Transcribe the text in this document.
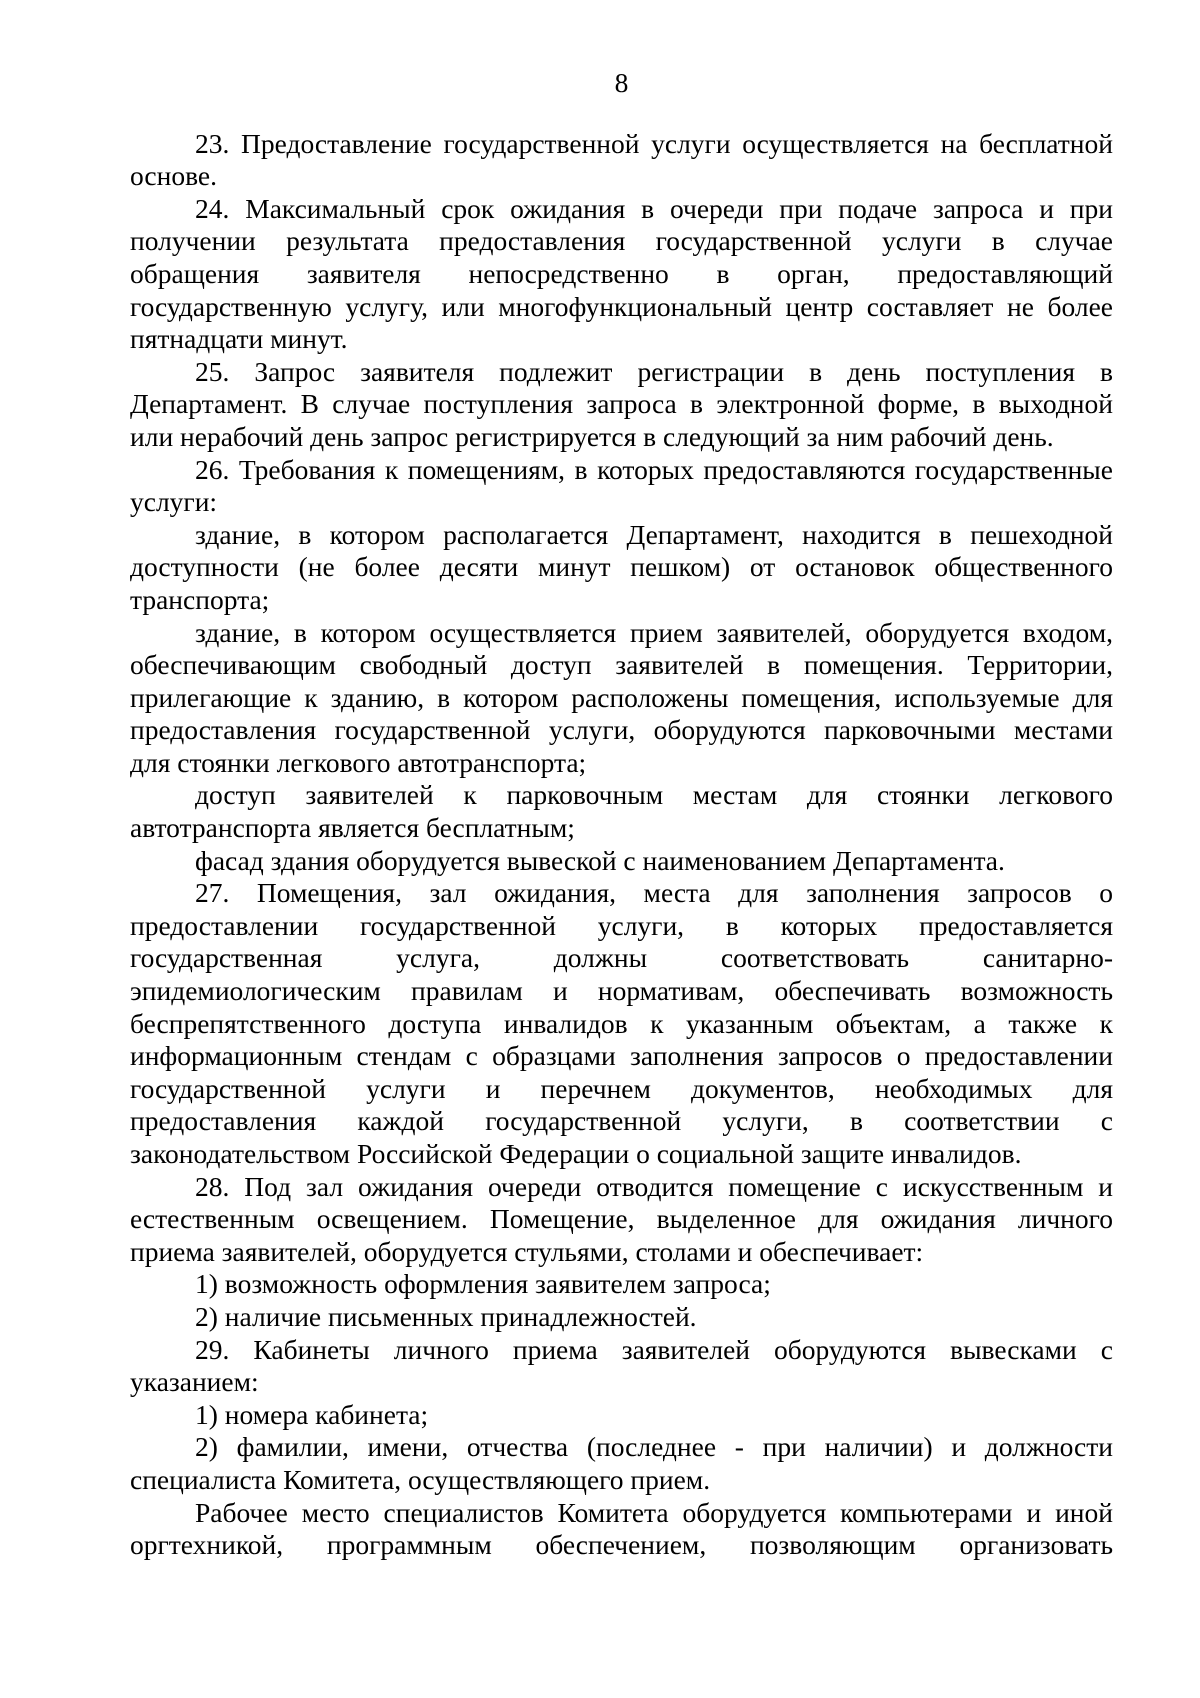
8
23. Предоставление государственной услуги осуществляется на бесплатной
основе.
24. Максимальный срок ожидания в очереди при подаче запроса и при
получении результата предоставления государственной услуги в случае
обращения заявителя непосредственно в орган, предоставляющий
государственную услугу, или многофункциональный центр составляет не более
пятнадцати минут.
25. Запрос заявителя подлежит регистрации в день поступления в
Департамент. В случае поступления запроса в электронной форме, в выходной
или нерабочий день запрос регистрируется в следующий за ним рабочий день.
26. Требования к помещениям, в которых предоставляются государственные
услуги:
здание, в котором располагается Департамент, находится в пешеходной
доступности (не более десяти минут пешком) от остановок общественного
транспорта;
здание, в котором осуществляется прием заявителей, оборудуется входом,
обеспечивающим свободный доступ заявителей в помещения. Территории,
прилегающие к зданию, в котором расположены помещения, используемые для
предоставления государственной услуги, оборудуются парковочными местами
для стоянки легкового автотранспорта;
доступ заявителей к парковочным местам для стоянки легкового
автотранспорта является бесплатным;
фасад здания оборудуется вывеской с наименованием Департамента.
27. Помещения, зал ожидания, места для заполнения запросов о
предоставлении государственной услуги, в которых предоставляется
государственная услуга, должны соответствовать санитарно-
эпидемиологическим правилам и нормативам, обеспечивать возможность
беспрепятственного доступа инвалидов к указанным объектам, а также к
информационным стендам с образцами заполнения запросов о предоставлении
государственной услуги и перечнем документов, необходимых для
предоставления каждой государственной услуги, в соответствии с
законодательством Российской Федерации о социальной защите инвалидов.
28. Под зал ожидания очереди отводится помещение с искусственным и
естественным освещением. Помещение, выделенное для ожидания личного
приема заявителей, оборудуется стульями, столами и обеспечивает:
1) возможность оформления заявителем запроса;
2) наличие письменных принадлежностей.
29. Кабинеты личного приема заявителей оборудуются вывесками с
указанием:
1) номера кабинета;
2) фамилии, имени, отчества (последнее - при наличии) и должности
специалиста Комитета, осуществляющего прием.
Рабочее место специалистов Комитета оборудуется компьютерами и иной
оргтехникой, программным обеспечением, позволяющим организовать
